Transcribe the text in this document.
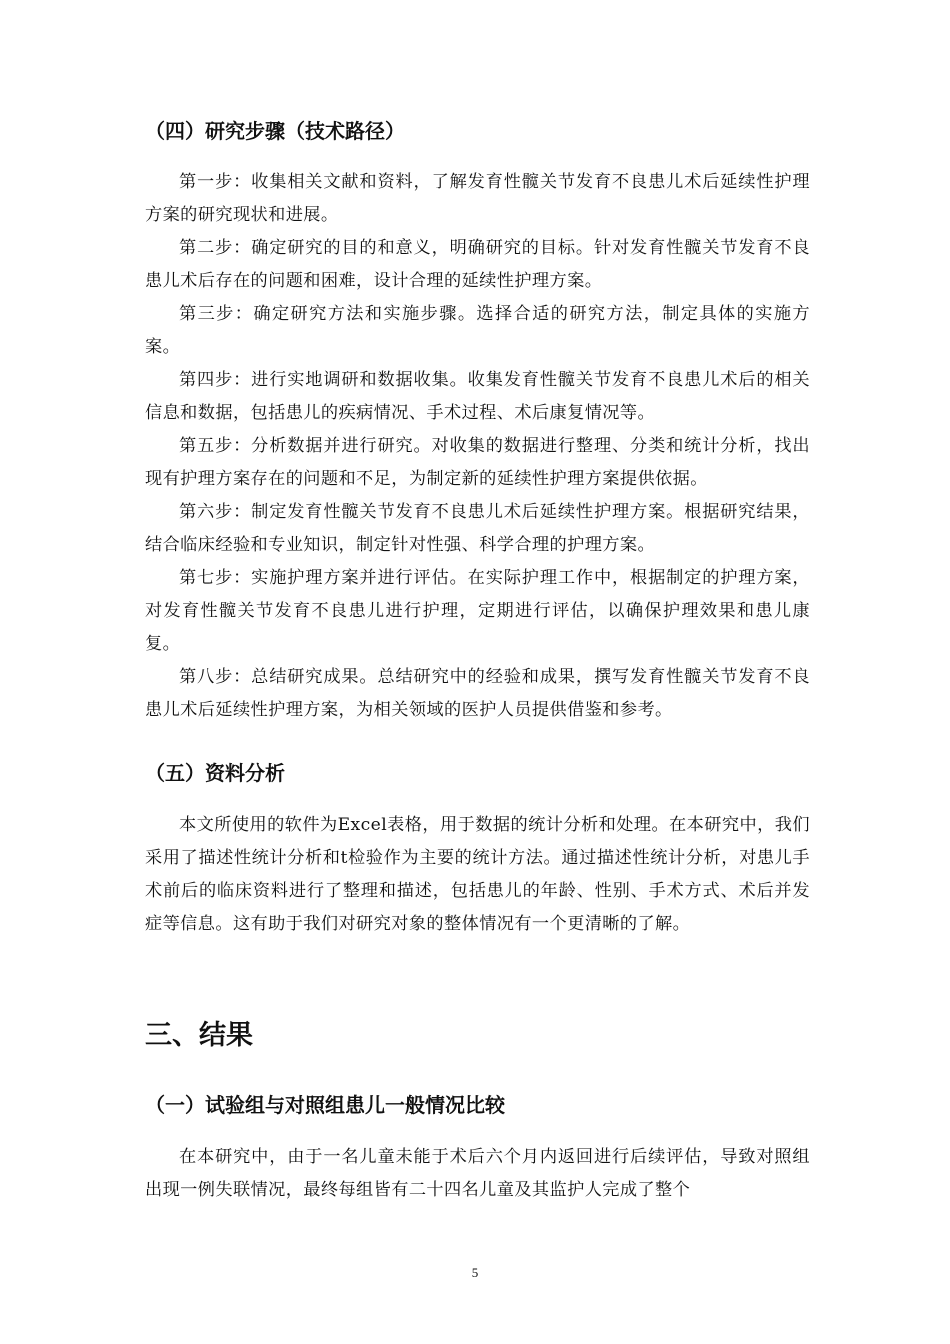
（四）研究步骤（技术路径）

第一步：收集相关文献和资料，了解发育性髋关节发育不良患儿术后延续性护理方案的研究现状和进展。

第二步：确定研究的目的和意义，明确研究的目标。针对发育性髋关节发育不良患儿术后存在的问题和困难，设计合理的延续性护理方案。

第三步：确定研究方法和实施步骤。选择合适的研究方法，制定具体的实施方案。

第四步：进行实地调研和数据收集。收集发育性髋关节发育不良患儿术后的相关信息和数据，包括患儿的疾病情况、手术过程、术后康复情况等。

第五步：分析数据并进行研究。对收集的数据进行整理、分类和统计分析，找出现有护理方案存在的问题和不足，为制定新的延续性护理方案提供依据。

第六步：制定发育性髋关节发育不良患儿术后延续性护理方案。根据研究结果，结合临床经验和专业知识，制定针对性强、科学合理的护理方案。

第七步：实施护理方案并进行评估。在实际护理工作中，根据制定的护理方案，对发育性髋关节发育不良患儿进行护理，定期进行评估，以确保护理效果和患儿康复。

第八步：总结研究成果。总结研究中的经验和成果，撰写发育性髋关节发育不良患儿术后延续性护理方案，为相关领域的医护人员提供借鉴和参考。

（五）资料分析

本文所使用的软件为Excel表格，用于数据的统计分析和处理。在本研究中，我们采用了描述性统计分析和t检验作为主要的统计方法。通过描述性统计分析，对患儿手术前后的临床资料进行了整理和描述，包括患儿的年龄、性别、手术方式、术后并发症等信息。这有助于我们对研究对象的整体情况有一个更清晰的了解。

三、结果
（一）试验组与对照组患儿一般情况比较

在本研究中，由于一名儿童未能于术后六个月内返回进行后续评估，导致对照组出现一例失联情况，最终每组皆有二十四名儿童及其监护人完成了整个

5
